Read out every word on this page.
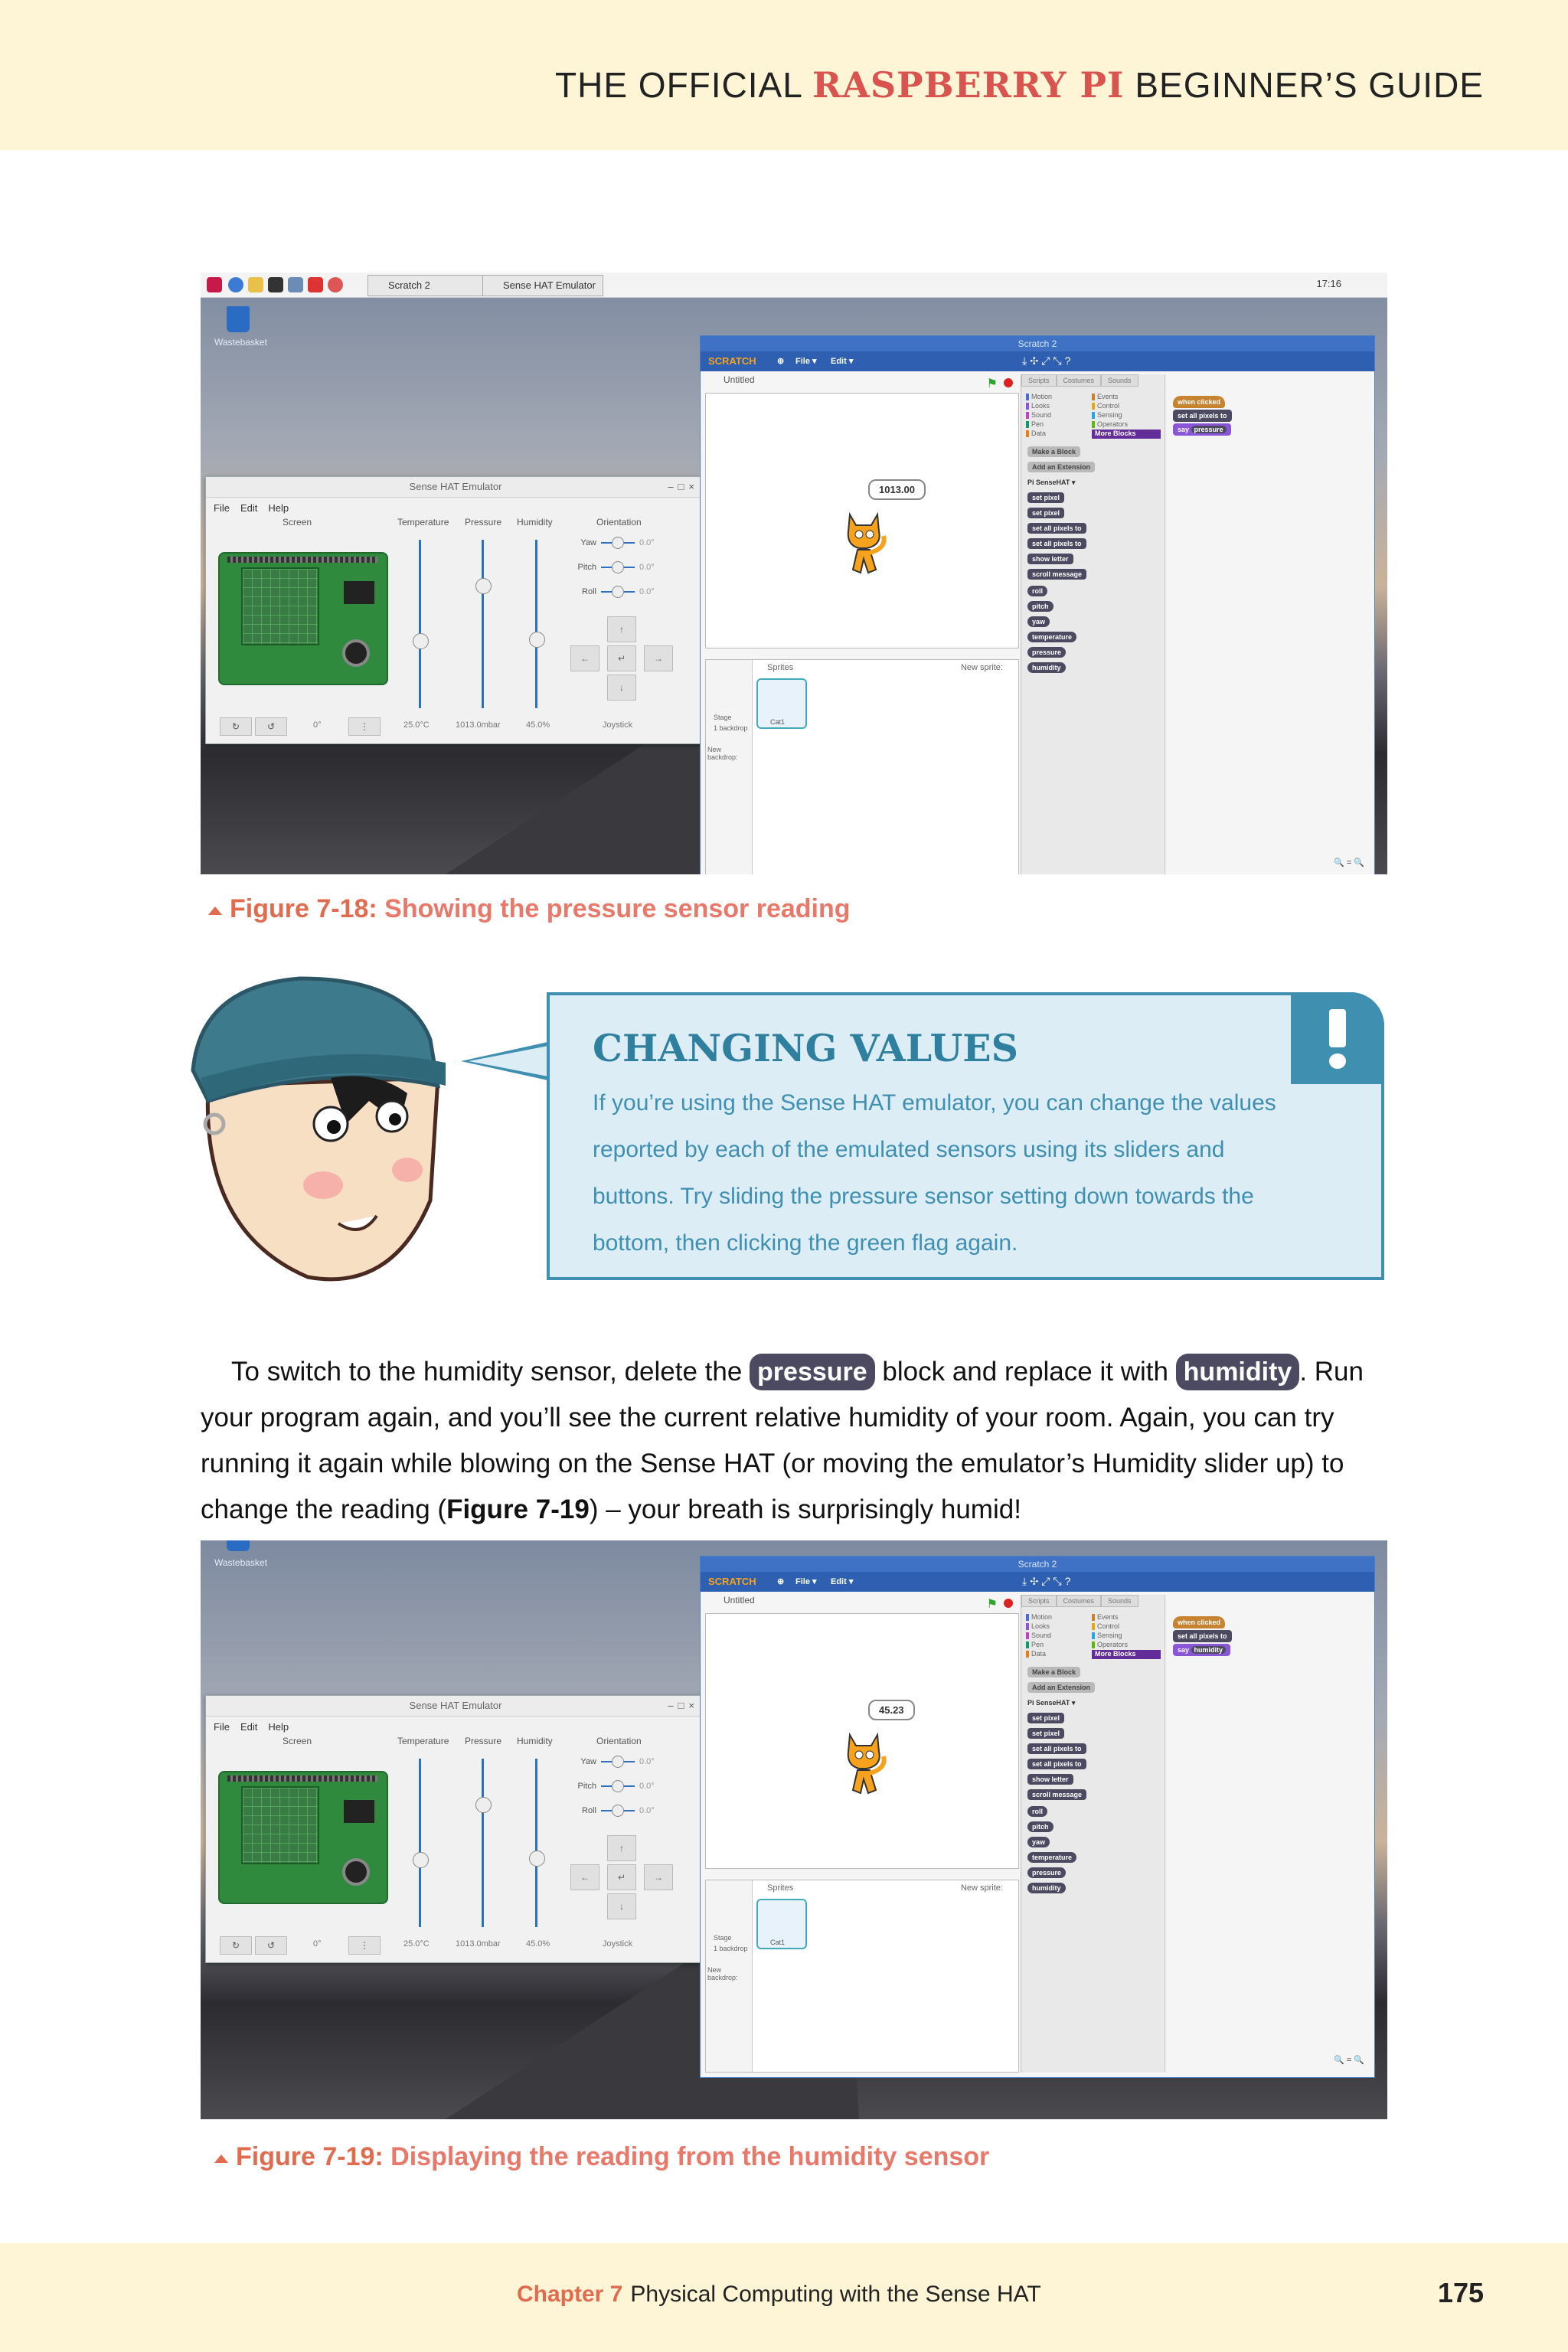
THE OFFICIAL RASPBERRY PI BEGINNER’S GUIDE
Scratch 2	Sense HAT Emulator	17:16
Wastebasket
Sense HAT Emulator	–□×
File Edit Help
Screen	Temperature Pressure Humidity	Orientation
Yaw	0.0°
Pitch	0.0°
Roll	0.0°
↑
←	↵	→
↓
↻	↺	0°	⋮	25.0°C	1013.0mbar	45.0%	Joystick
Scratch 2
SCRATCH ⊕ File ▾ Edit ▾	⤓✣⤢⤡?
Untitled	⚑
1013.00
Stage
1 backdrop
New backdrop:
Sprites	New sprite:
Cat1
Scripts Costumes Sounds
Motion
Looks
Sound
Pen
Data
Events
Control
Sensing
Operators
More Blocks
Make a Block
Add an Extension
Pi SenseHAT ▾
set pixel
set pixel
set all pixels to
set all pixels to
show letter
scroll message
roll
pitch
yaw
temperature
pressure
humidity
when clicked
set all pixels to
say pressure
🔍 = 🔍
Figure 7-18: Showing the pressure sensor reading
CHANGING VALUES
If you’re using the Sense HAT emulator, you can change the values reported by each of the emulated sensors using its sliders and buttons. Try sliding the pressure sensor setting down towards the bottom, then clicking the green flag again.
To switch to the humidity sensor, delete the pressure block and replace it with humidity . Run your program again, and you’ll see the current relative humidity of your room. Again, you can try running it again while blowing on the Sense HAT (or moving the emulator’s Humidity slider up) to change the reading (Figure 7-19) – your breath is surprisingly humid!
Wastebasket
Sense HAT Emulator	–□×
File Edit Help
Screen	Temperature Pressure Humidity	Orientation
Yaw	0.0°
Pitch	0.0°
Roll	0.0°
↑
←	↵	→
↓
↻	↺	0°	⋮	25.0°C	1013.0mbar	45.0%	Joystick
Scratch 2
SCRATCH ⊕ File ▾ Edit ▾	⤓✣⤢⤡?
Untitled	⚑
45.23
Stage
1 backdrop
New backdrop:
Sprites	New sprite:
Cat1
Scripts Costumes Sounds
Motion
Looks
Sound
Pen
Data
Events
Control
Sensing
Operators
More Blocks
Make a Block
Add an Extension
Pi SenseHAT ▾
set pixel
set pixel
set all pixels to
set all pixels to
show letter
scroll message
roll
pitch
yaw
temperature
pressure
humidity
when clicked
set all pixels to
say humidity
🔍 = 🔍
Figure 7-19: Displaying the reading from the humidity sensor
Chapter 7 Physical Computing with the Sense HAT	175
